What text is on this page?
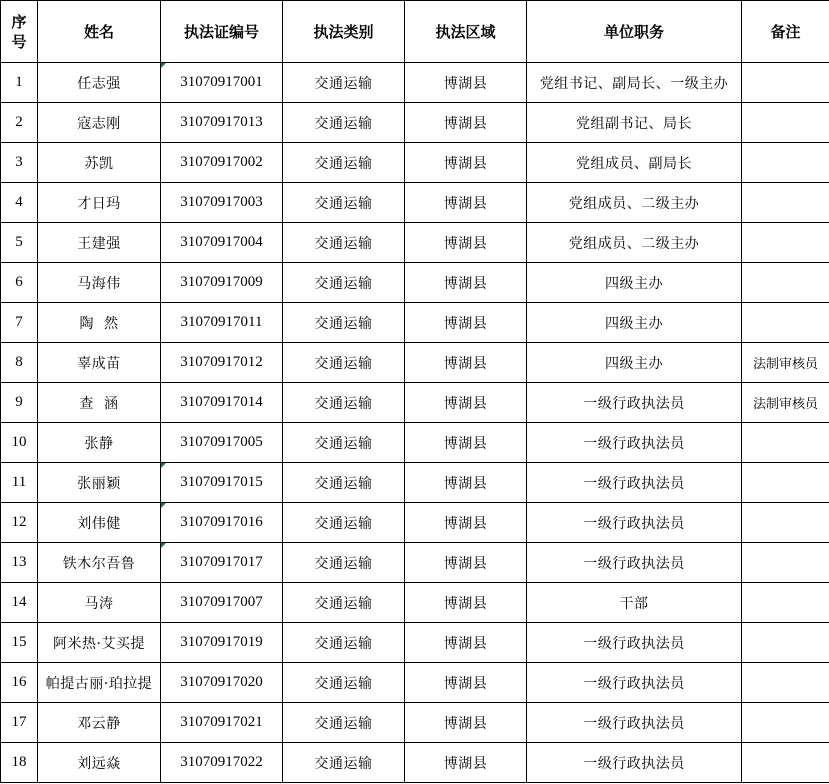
序
号	姓名	执法证编号	执法类别	执法区域	单位职务	备注
1	任志强	31070917001	交通运输	博湖县	党组书记、副局长、一级主办	
2	寇志刚	31070917013	交通运输	博湖县	党组副书记、局长	
3	苏凯	31070917002	交通运输	博湖县	党组成员、副局长	
4	才日玛	31070917003	交通运输	博湖县	党组成员、二级主办	
5	王建强	31070917004	交通运输	博湖县	党组成员、二级主办	
6	马海伟	31070917009	交通运输	博湖县	四级主办	
7	陶  然	31070917011	交通运输	博湖县	四级主办	
8	辜成苗	31070917012	交通运输	博湖县	四级主办	法制审核员
9	查  涵	31070917014	交通运输	博湖县	一级行政执法员	法制审核员
10	张静	31070917005	交通运输	博湖县	一级行政执法员	
11	张丽颖	31070917015	交通运输	博湖县	一级行政执法员	
12	刘伟健	31070917016	交通运输	博湖县	一级行政执法员	
13	铁木尔吾鲁	31070917017	交通运输	博湖县	一级行政执法员	
14	马涛	31070917007	交通运输	博湖县	干部	
15	阿米热·艾买提	31070917019	交通运输	博湖县	一级行政执法员	
16	帕提古丽·珀拉提	31070917020	交通运输	博湖县	一级行政执法员	
17	邓云静	31070917021	交通运输	博湖县	一级行政执法员	
18	刘远焱	31070917022	交通运输	博湖县	一级行政执法员	
